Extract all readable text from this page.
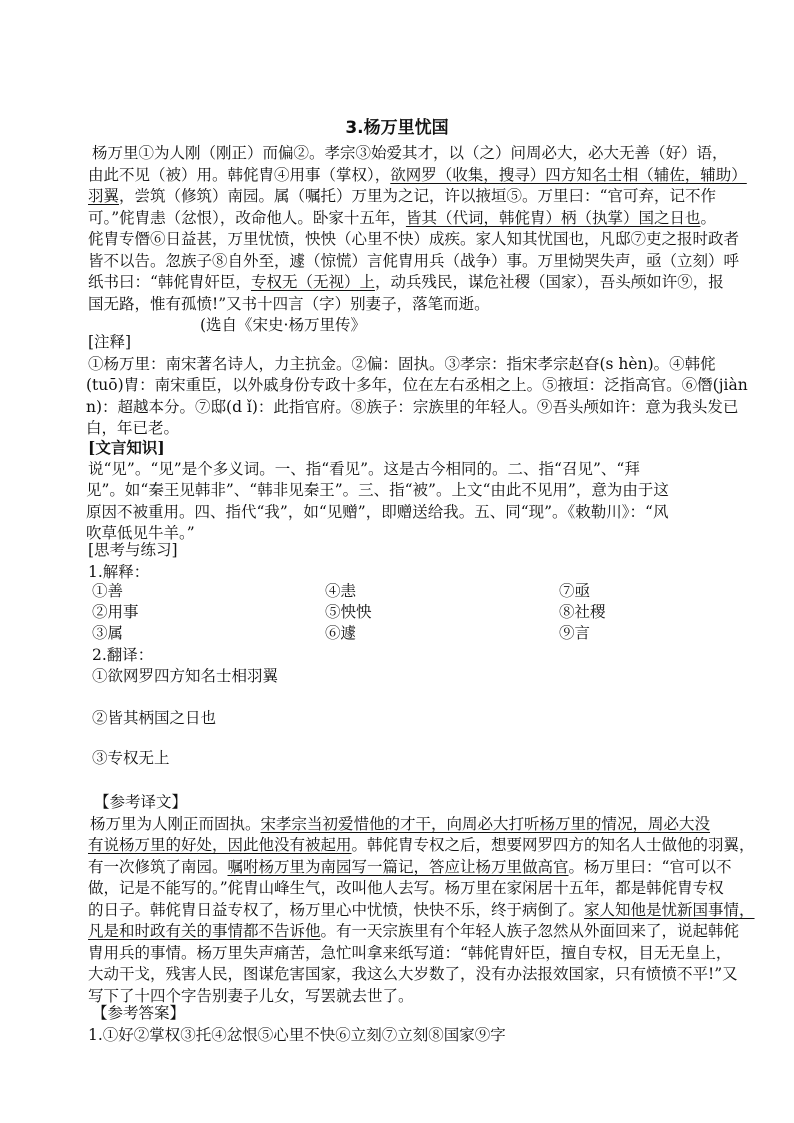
3.杨万里忧国
杨万里①为人刚（刚正）而偏②。孝宗③始爱其才，以（之）问周必大，必大无善（好）语，
由此不见（被）用。韩侂胄④用事（掌权），欲网罗（收集，搜寻）四方知名士相（辅佐，辅助）
羽翼，尝筑（修筑）南园。属（嘱托）万里为之记，许以掖垣⑤。万里曰：“官可弃，记不作
可。”侂胄恚（忿恨），改命他人。卧家十五年，皆其（代词，韩侂胄）柄（执掌）国之日也。
侂胄专僭⑥日益甚，万里忧愤，怏怏（心里不快）成疾。家人知其忧国也，凡邸⑦吏之报时政者
皆不以告。忽族子⑧自外至，遽（惊慌）言侂胄用兵（战争）事。万里恸哭失声，亟（立刻）呼
纸书曰：“韩侂胄奸臣，专权无（无视）上，动兵残民，谋危社稷（国家），吾头颅如许⑨，报
国无路，惟有孤愤!”又书十四言（字）别妻子，落笔而逝。
(选自《宋史·杨万里传》
[注释]
①杨万里：南宋著名诗人，力主抗金。②偏：固执。③孝宗：指宋孝宗赵昚(s hèn)。④韩侂
(tuō)胄：南宋重臣，以外戚身份专政十多年，位在左右丞相之上。⑤掖垣：泛指高官。⑥僭(jiàn
n)：超越本分。⑦邸(d ǐ)：此指官府。⑧族子：宗族里的年轻人。⑨吾头颅如许：意为我头发已
白，年已老。
[文言知识]
说“见”。“见”是个多义词。一、指“看见”。这是古今相同的。二、指“召见”、“拜
见”。如“秦王见韩非”、“韩非见秦王”。三、指“被”。上文“由此不见用”，意为由于这
原因不被重用。四、指代“我”，如“见赠”，即赠送给我。五、同“现”。《敕勒川》：“风
吹草低见牛羊。”
[思考与练习]
1.解释：
①善	④恚	⑦亟
②用事	⑤怏怏	⑧社稷
③属	⑥遽	⑨言
2.翻译：
①欲网罗四方知名士相羽翼
②皆其柄国之日也
③专权无上
【参考译文】
杨万里为人刚正而固执。宋孝宗当初爱惜他的才干，向周必大打听杨万里的情况，周必大没
有说杨万里的好处，因此他没有被起用。韩侂胄专权之后，想要网罗四方的知名人士做他的羽翼，
有一次修筑了南园。嘱咐杨万里为南园写一篇记，答应让杨万里做高官。杨万里曰：“官可以不
做，记是不能写的。”侂胄山峰生气，改叫他人去写。杨万里在家闲居十五年，都是韩侂胄专权
的日子。韩侂胄日益专权了，杨万里心中忧愤，快快不乐，终于病倒了。家人知他是忧新国事情，
凡是和时政有关的事情都不告诉他。有一天宗族里有个年轻人族子忽然从外面回来了，说起韩侂
胄用兵的事情。杨万里失声痛苦，急忙叫拿来纸写道：“韩侂胄奸臣，擅自专权，目无无皇上，
大动干戈，残害人民，图谋危害国家，我这么大岁数了，没有办法报效国家，只有愤愤不平!”又
写下了十四个字告别妻子儿女，写罢就去世了。
【参考答案】
1.①好②掌权③托④忿恨⑤心里不快⑥立刻⑦立刻⑧国家⑨字
